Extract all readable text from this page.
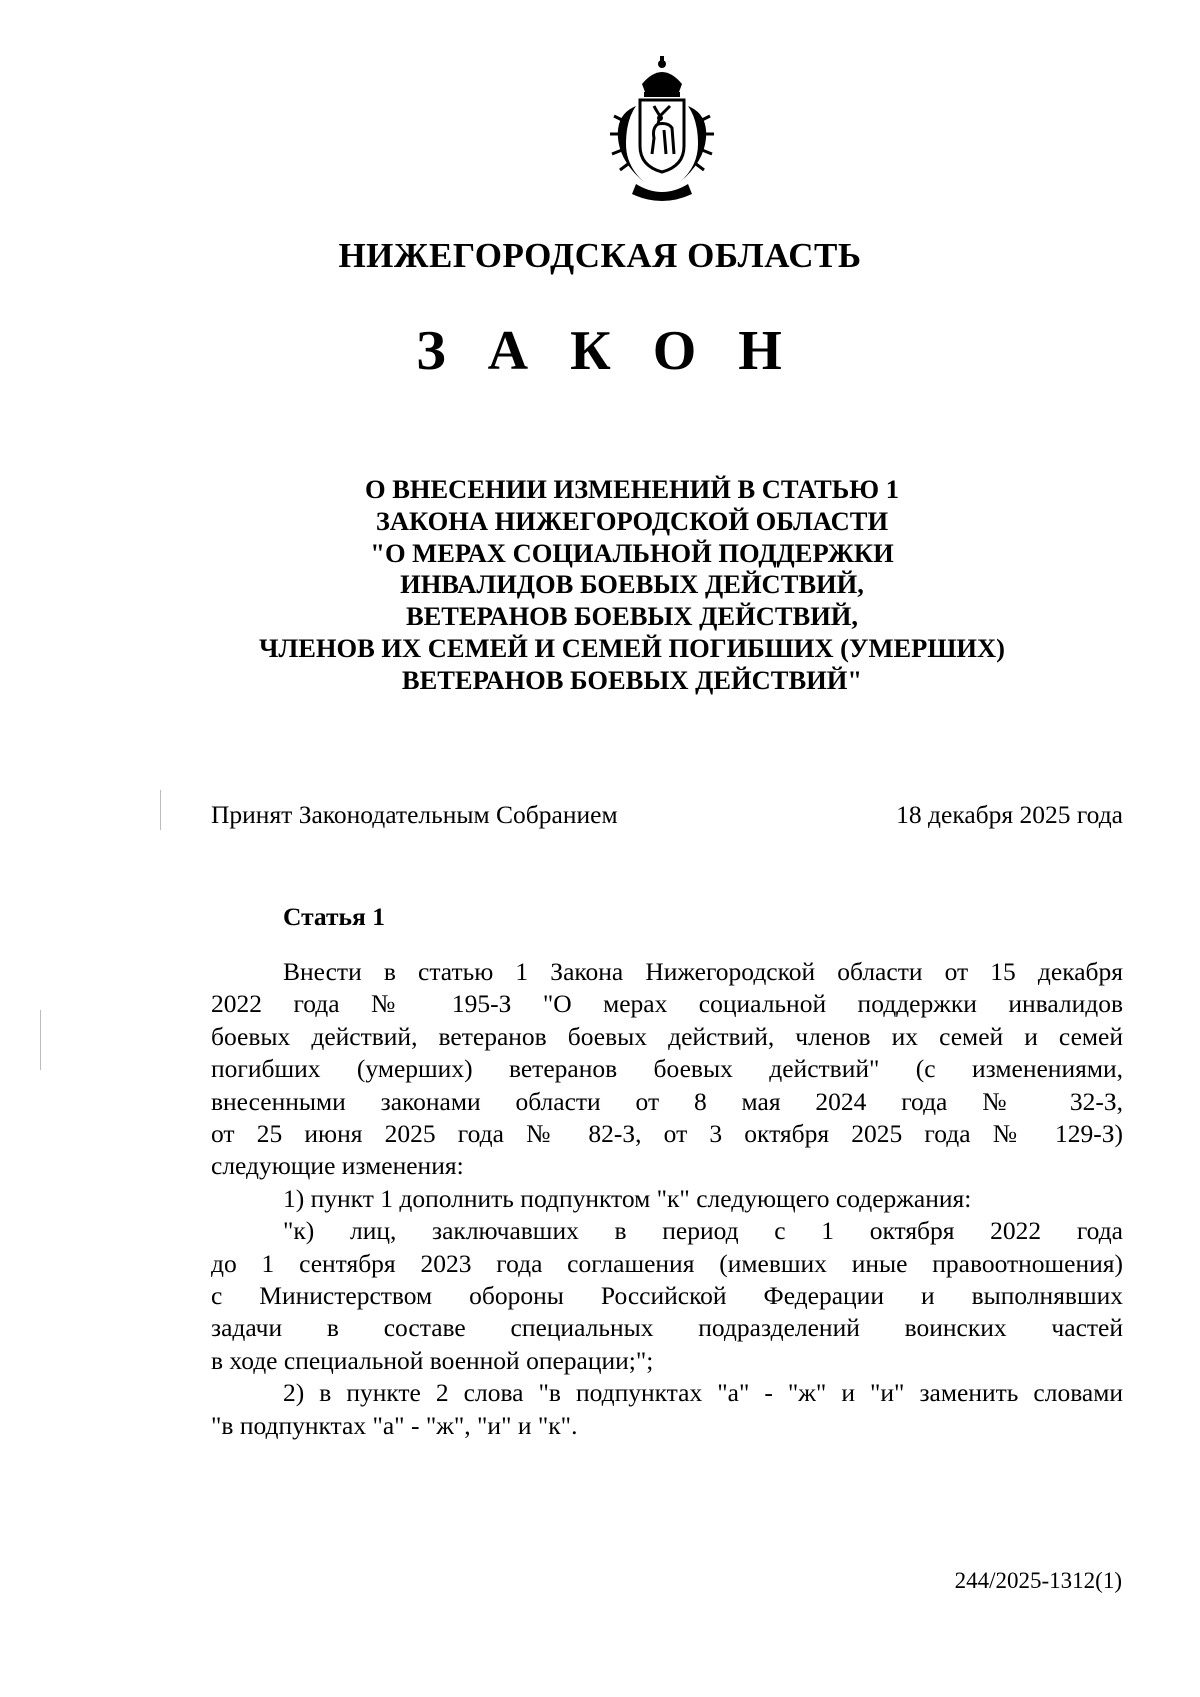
НИЖЕГОРОДСКАЯ ОБЛАСТЬ
З А К О Н
О ВНЕСЕНИИ ИЗМЕНЕНИЙ В СТАТЬЮ 1
ЗАКОНА НИЖЕГОРОДСКОЙ ОБЛАСТИ
"О МЕРАХ СОЦИАЛЬНОЙ ПОДДЕРЖКИ
ИНВАЛИДОВ БОЕВЫХ ДЕЙСТВИЙ,
ВЕТЕРАНОВ БОЕВЫХ ДЕЙСТВИЙ,
ЧЛЕНОВ ИХ СЕМЕЙ И СЕМЕЙ ПОГИБШИХ (УМЕРШИХ)
ВЕТЕРАНОВ БОЕВЫХ ДЕЙСТВИЙ"
Принят Законодательным Собранием	18 декабря 2025 года
Статья 1

Внести в статью 1 Закона Нижегородской области от 15 декабря

2022 года № 195-З "О мерах социальной поддержки инвалидов

боевых действий, ветеранов боевых действий, членов их семей и семей

погибших (умерших) ветеранов боевых действий" (с изменениями,

внесенными законами области от 8 мая 2024 года № 32-З,

от 25 июня 2025 года № 82-З, от 3 октября 2025 года № 129-З)

следующие изменения:

1) пункт 1 дополнить подпунктом "к" следующего содержания:

"к) лиц, заключавших в период с 1 октября 2022 года

до 1 сентября 2023 года соглашения (имевших иные правоотношения)

с Министерством обороны Российской Федерации и выполнявших

задачи в составе специальных подразделений воинских частей

в ходе специальной военной операции;";

2) в пункте 2 слова "в подпунктах "а" - "ж" и "и" заменить словами

"в подпунктах "а" - "ж", "и" и "к".

244/2025-1312(1)
